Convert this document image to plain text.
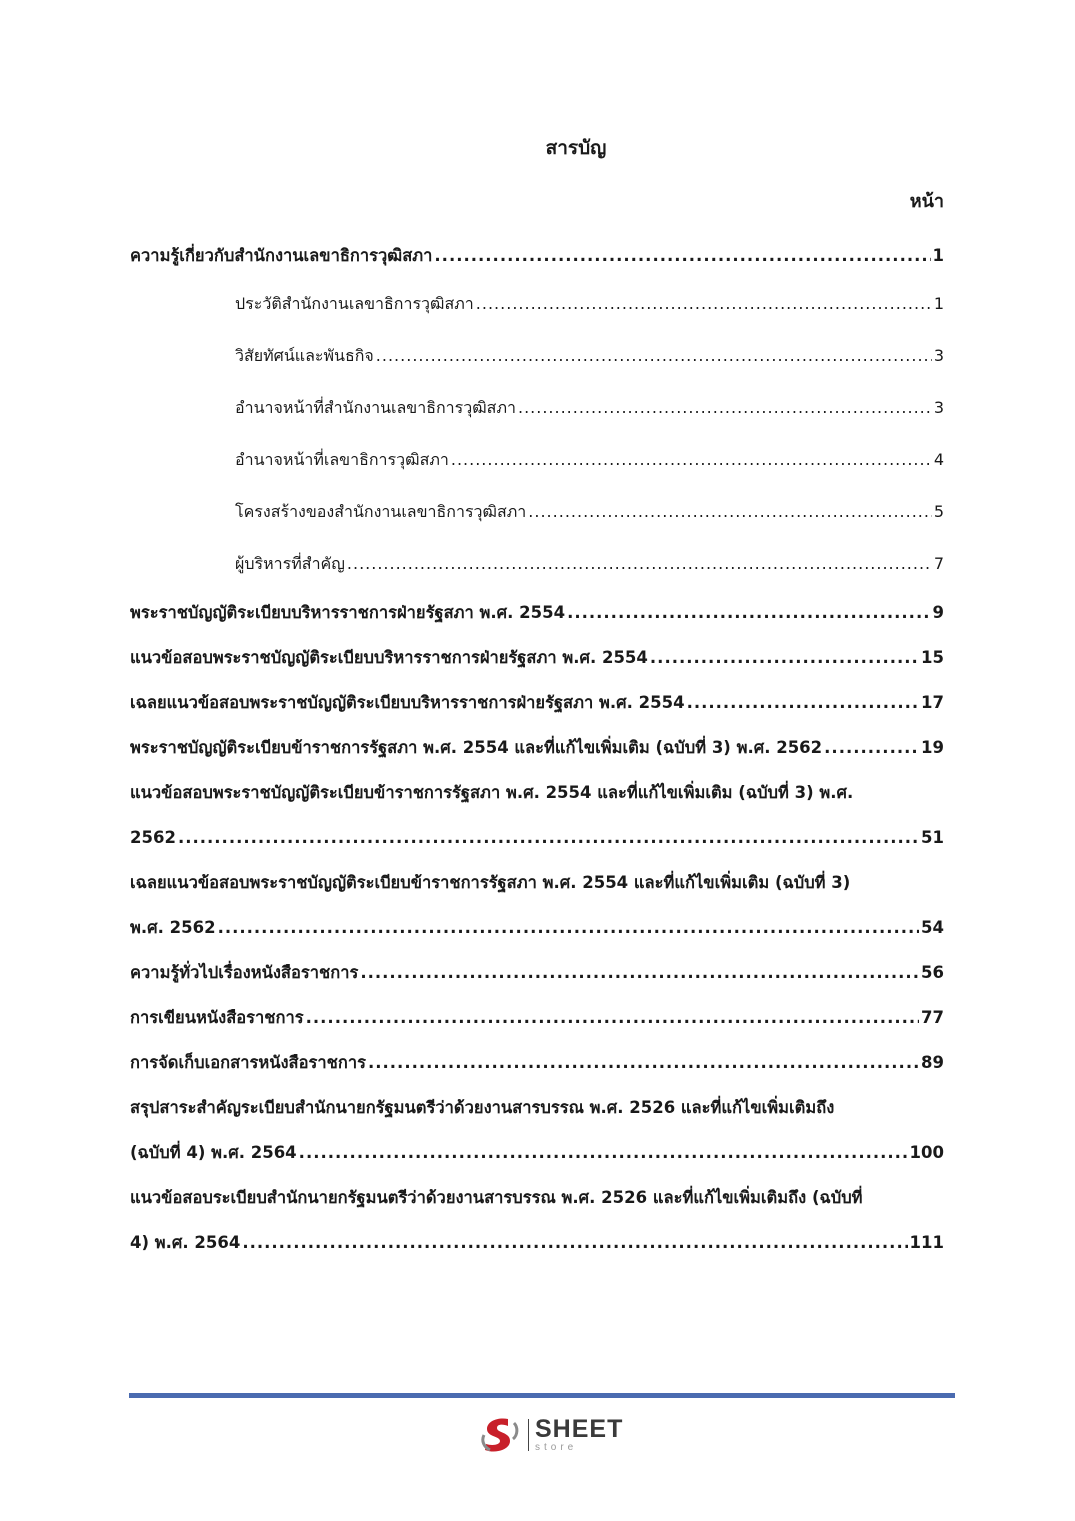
สารบัญ
หน้า
ความรู้เกี่ยวกับสำนักงานเลขาธิการวุฒิสภา .....	1
ประวัติสำนักงานเลขาธิการวุฒิสภา .....	1
วิสัยทัศน์และพันธกิจ .....	3
อำนาจหน้าที่สำนักงานเลขาธิการวุฒิสภา .....	3
อำนาจหน้าที่เลขาธิการวุฒิสภา .....	4
โครงสร้างของสำนักงานเลขาธิการวุฒิสภา .....	5
ผู้บริหารที่สำคัญ .....	7
พระราชบัญญัติระเบียบบริหารราชการฝ่ายรัฐสภา พ.ศ. 2554 .....	9
แนวข้อสอบพระราชบัญญัติระเบียบบริหารราชการฝ่ายรัฐสภา พ.ศ. 2554 .....	15
เฉลยแนวข้อสอบพระราชบัญญัติระเบียบบริหารราชการฝ่ายรัฐสภา พ.ศ. 2554 .....	17
พระราชบัญญัติระเบียบข้าราชการรัฐสภา พ.ศ. 2554 และที่แก้ไขเพิ่มเติม (ฉบับที่ 3) พ.ศ. 2562 .....	19
แนวข้อสอบพระราชบัญญัติระเบียบข้าราชการรัฐสภา พ.ศ. 2554 และที่แก้ไขเพิ่มเติม (ฉบับที่ 3) พ.ศ.
2562 .....	51
เฉลยแนวข้อสอบพระราชบัญญัติระเบียบข้าราชการรัฐสภา พ.ศ. 2554 และที่แก้ไขเพิ่มเติม (ฉบับที่ 3)
พ.ศ. 2562 .....	54
ความรู้ทั่วไปเรื่องหนังสือราชการ .....	56
การเขียนหนังสือราชการ .....	77
การจัดเก็บเอกสารหนังสือราชการ .....	89
สรุปสาระสำคัญระเบียบสำนักนายกรัฐมนตรีว่าด้วยงานสารบรรณ พ.ศ. 2526 และที่แก้ไขเพิ่มเติมถึง
(ฉบับที่ 4) พ.ศ. 2564 .....	100
แนวข้อสอบระเบียบสำนักนายกรัฐมนตรีว่าด้วยงานสารบรรณ พ.ศ. 2526 และที่แก้ไขเพิ่มเติมถึง (ฉบับที่
4) พ.ศ. 2564 .....	111
SHEET
store
